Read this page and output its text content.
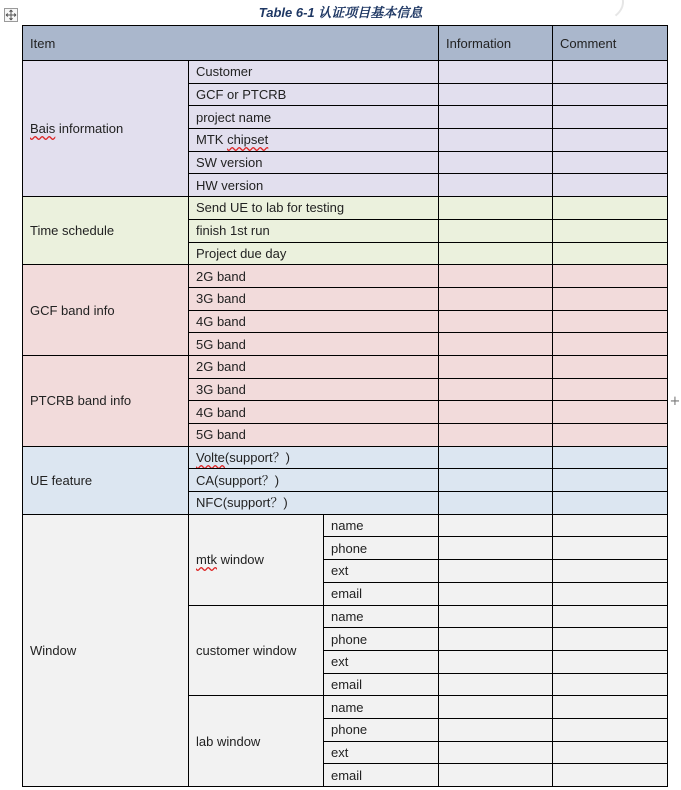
+
Table 6-1 认证项目基本信息
Item			Information	Comment
Bais information	Customer			
	GCF or PTCRB			
	project name			
	MTK chipset			
	SW version			
	HW version			
Time schedule	Send UE to lab for testing			
	finish 1st run			
	Project due day			
GCF band info	2G band			
	3G band			
	4G band			
	5G band			
PTCRB band info	2G band			
	3G band			
	4G band			
	5G band			
UE feature	Volte(support？)			
	CA(support？)			
	NFC(support？)			
Window	mtk window	name		
		phone		
		ext		
		email		
	customer window	name		
		phone		
		ext		
		email		
	lab window	name		
		phone		
		ext		
		email		
